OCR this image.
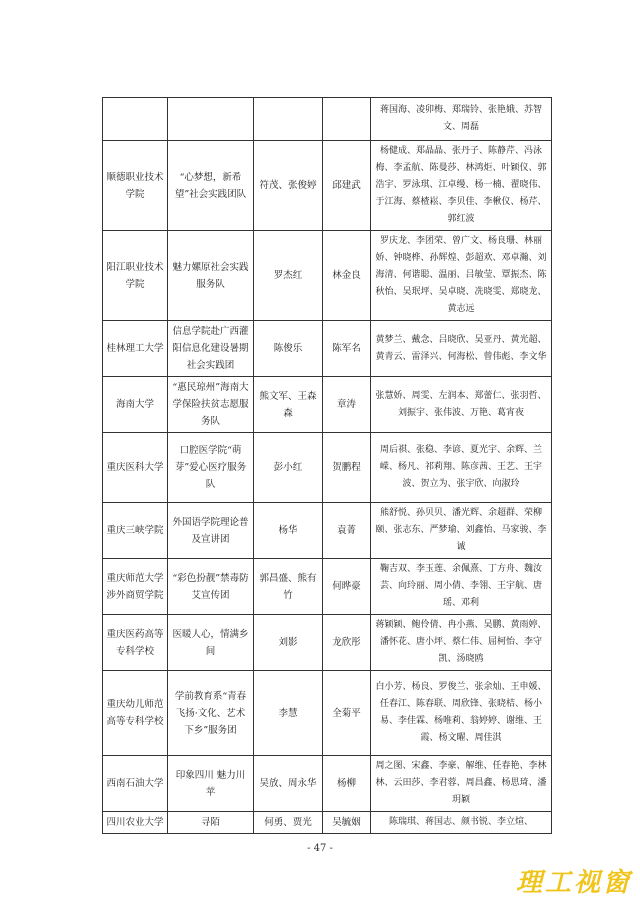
				蒋国海、凌卯梅、郑瑞铃、张艳娥、苏智文、周磊
顺德职业技术学院	“心梦想，新希望”社会实践团队	符茂、张俊婷	邱建武	杨健成、郑晶晶、张丹子、陈静芹、冯泳梅、李孟航、陈曼莎、林鸿炬、叶颖仪、郭浩宇、罗泳琪、江卓缦、杨一楠、翟晓伟、于江海、蔡楂崧、李贝佳、李楸仪、杨芹、郭红波
阳江职业技术学院	魅力嫘原社会实践服务队	罗杰红	林金良	罗庆龙、李团荣、曾广文、杨良珊、林丽娇、钟晓桦、孙辉煌、彭超欢、邓卓瀚、刘海清、何谐聪、温丽、吕敏莹、覃振杰、陈秋怡、吴珉坪、吴卓晓、冼晓雯、郑晓龙、黄志远
桂林理工大学	信息学院赴广西灌阳信息化建设暑期社会实践团	陈俊乐	陈军名	黄梦兰、戴念、吕晓欣、吴亚丹、黄光超、黄青云、雷泽兴、何海松、曾伟彪、李文华
海南大学	“惠民琼州”海南大学保险扶贫志愿服务队	熊文军、王森森	章涛	张慧娇、周雯、左润本、郑蕾仁、张羽哲、刘振宇、张伟波、万艳、葛宵夜
重庆医科大学	口腔医学院“萌芽”爱心医疗服务队	彭小红	贺鹏程	周后祺、张稳、李谚、夏光宇、余辉、兰嵘、杨凡、祁莉翔、陈彦茜、王艺、王宇波、贺立为、张宇欣、向淑玲
重庆三峡学院	外国语学院理论普及宣讲团	杨华	袁菁	熊舒悦、孙贝贝、潘光辉、余超群、荣柳颐、张志东、严梦瑜、刘鑫怡、马家骏、李诚
重庆师范大学涉外商贸学院	“彩色扮靓”禁毒防艾宣传团	郭昌盛、熊有竹	何晔豪	鞠吉双、李玉莲、余佩熹、丁方舟、魏汝芸、向玲丽、周小倩、李翎、王宇航、唐瑶、邓利
重庆医药高等专科学校	医暖人心，情满乡间	刘影	龙欣彤	蒋颖颖、鲍伶倩、冉小燕、吴鹏、黄雨婷、潘怀花、唐小坪、蔡仁伟、屈柯怡、李守凯、汤晓鸥
重庆幼儿师范高等专科学校	学前教育系“青春飞扬·文化、艺术下乡”服务团	李慧	全菊平	白小芳、杨良、罗俊兰、张余灿、王申媛、任春江、陈春联、周欣锋、张晓桔、杨小易、李佳霖、杨唯莉、翁婷婷、谢维、王霞、杨文曜、周佳淇
西南石油大学	印象四川 魅力川苹	吴放、周永华	杨柳	周之图、宋鑫、李豪、解维、任春艳、李林林、云田莎、李君蓉、周昌鑫、杨思琦、潘玥颖
四川农业大学	寻陌	何勇、贾光	吴毓姻	陈瑞琪、蒋国志、颜书锐、李立煊、
- 47 -
理工视窗
